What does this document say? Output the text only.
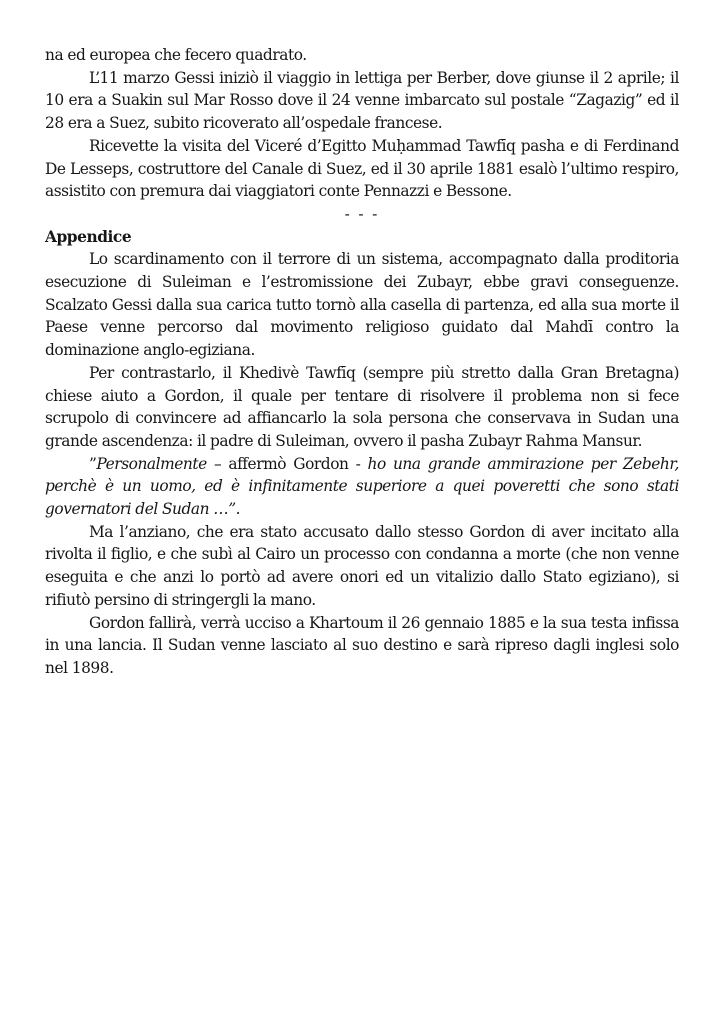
na ed europea che fecero quadrato.

L’11 marzo Gessi iniziò il viaggio in lettiga per Berber, dove giunse il 2 aprile; il 10 era a Suakin sul Mar Rosso dove il 24 venne imbarcato sul postale “Zagazig” ed il 28 era a Suez, subito ricoverato all’ospedale francese.

Ricevette la visita del Viceré d’Egitto Muḥammad Tawfīq pasha e di Ferdinand De Lesseps, costruttore del Canale di Suez, ed il 30 aprile 1881 esalò l’ultimo respiro, assistito con premura dai viaggiatori conte Pennazzi e Bessone.

- - -

Appendice

Lo scardinamento con il terrore di un sistema, accompagnato dalla proditoria esecuzione di Suleiman e l’estromissione dei Zubayr, ebbe gravi conseguenze. Scalzato Gessi dalla sua carica tutto tornò alla casella di partenza, ed alla sua morte il Paese venne percorso dal movimento religioso guidato dal Mahdī contro la dominazione anglo-egiziana.

Per contrastarlo, il Khedivè Tawfīq (sempre più stretto dalla Gran Bretagna) chiese aiuto a Gordon, il quale per tentare di risolvere il problema non si fece scrupolo di convincere ad affiancarlo la sola persona che conservava in Sudan una grande ascendenza: il padre di Suleiman, ovvero il pasha Zubayr Rahma Mansur.

”Personalmente – affermò Gordon - ho una grande ammirazione per Zebehr, perchè è un uomo, ed è infinitamente superiore a quei poveretti che sono stati governatori del Sudan …”.

Ma l’anziano, che era stato accusato dallo stesso Gordon di aver incitato alla rivolta il figlio, e che subì al Cairo un processo con condanna a morte (che non venne eseguita e che anzi lo portò ad avere onori ed un vitalizio dallo Stato egiziano), si rifiutò persino di stringergli la mano.

Gordon fallirà, verrà ucciso a Khartoum il 26 gennaio 1885 e la sua testa infissa in una lancia. Il Sudan venne lasciato al suo destino e sarà ripreso dagli inglesi solo nel 1898.
